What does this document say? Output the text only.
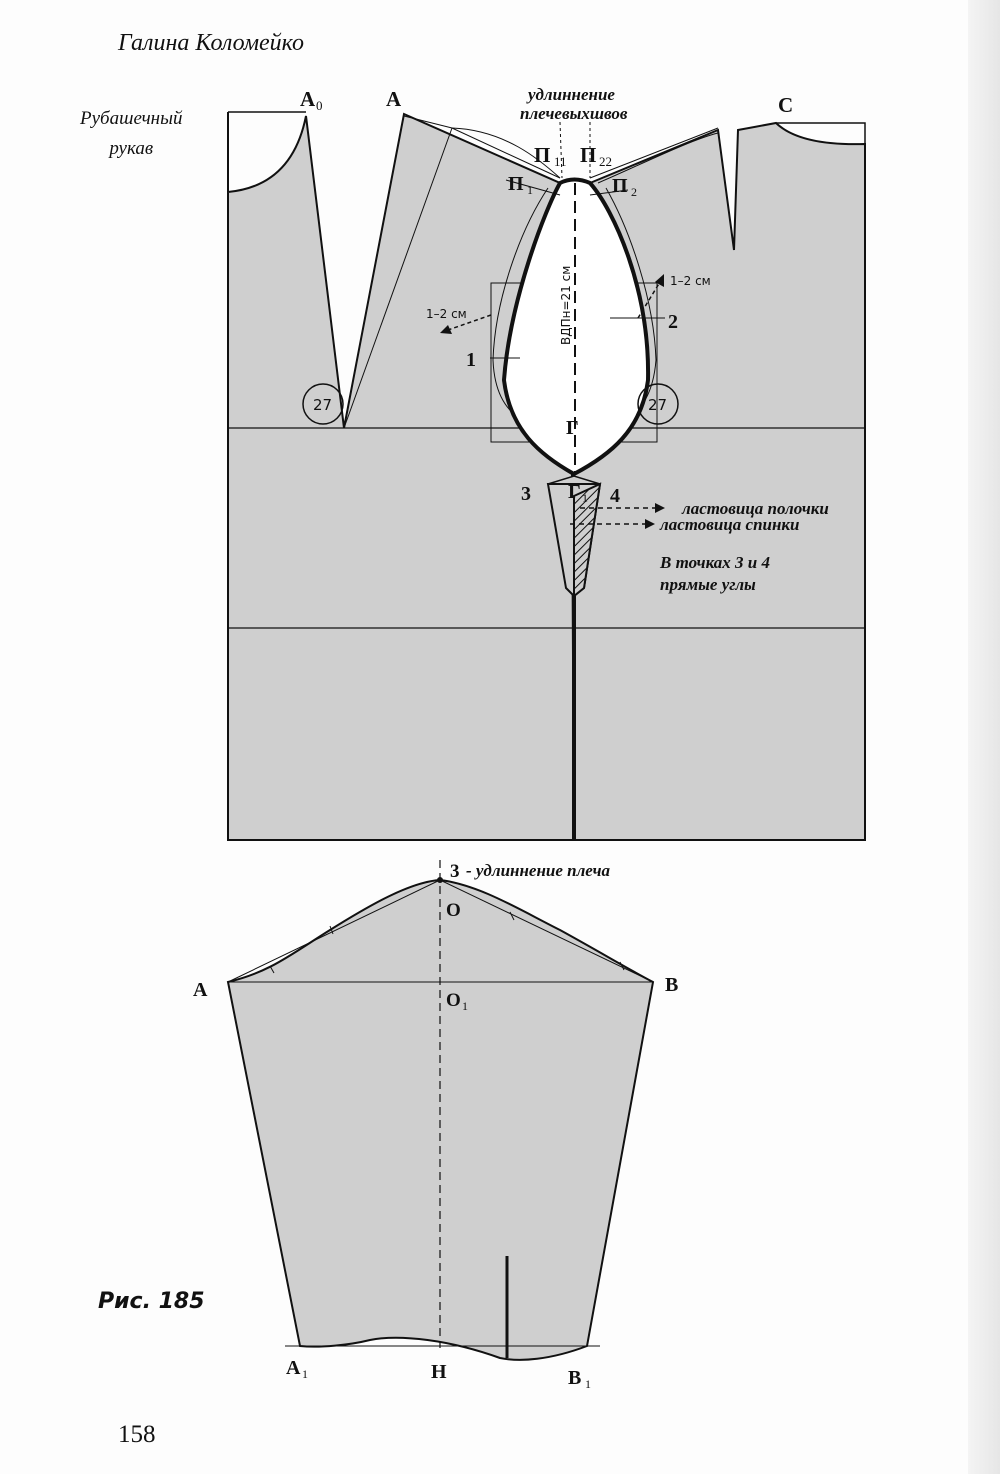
Галина Коломейко
Рубашечный
рукав
А 0	А	С
П 11 П 22
П 1	П 2
1
2
3	4
Г
Г 1
удлиннение
плечевыхшвов
1–2 см
1–2 см
ВДПн=21 см
27	27
ластовица полочки
ластовица спинки
В точках 3 и 4
прямые углы
3 - удлиннение плеча
О
О 1
А	В
А 1	Н	В 1
Рис. 185
158
